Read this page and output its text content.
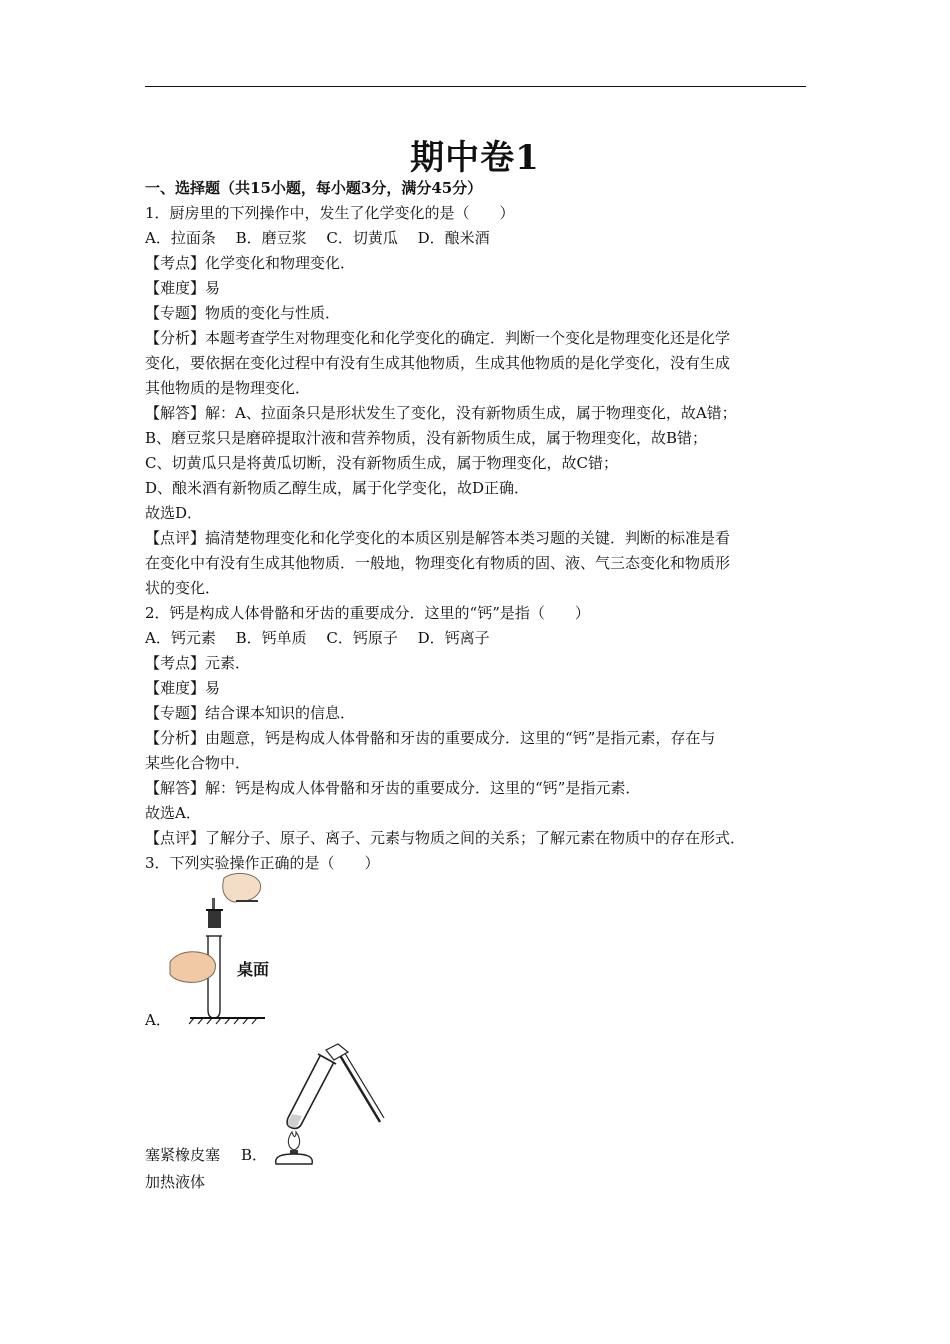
期中卷1
一、选择题（共15小题，每小题3分，满分45分）
1．厨房里的下列操作中，发生了化学变化的是（　　）
A．拉面条　 B．磨豆浆　 C．切黄瓜　 D．酿米酒
【考点】化学变化和物理变化．
【难度】易
【专题】物质的变化与性质．
【分析】本题考查学生对物理变化和化学变化的确定．判断一个变化是物理变化还是化学
变化，要依据在变化过程中有没有生成其他物质，生成其他物质的是化学变化，没有生成
其他物质的是物理变化．
【解答】解：A、拉面条只是形状发生了变化，没有新物质生成，属于物理变化，故A错；
B、磨豆浆只是磨碎提取汁液和营养物质，没有新物质生成，属于物理变化，故B错；
C、切黄瓜只是将黄瓜切断，没有新物质生成，属于物理变化，故C错；
D、酿米酒有新物质乙醇生成，属于化学变化，故D正确．
故选D．
【点评】搞清楚物理变化和化学变化的本质区别是解答本类习题的关键．判断的标准是看
在变化中有没有生成其他物质．一般地，物理变化有物质的固、液、气三态变化和物质形
状的变化．
2．钙是构成人体骨骼和牙齿的重要成分．这里的“钙”是指（　　）
A．钙元素　 B．钙单质　 C．钙原子　 D．钙离子
【考点】元素．
【难度】易
【专题】结合课本知识的信息．
【分析】由题意，钙是构成人体骨骼和牙齿的重要成分．这里的“钙”是指元素，存在与
某些化合物中．
【解答】解：钙是构成人体骨骼和牙齿的重要成分．这里的“钙”是指元素．
故选A．
【点评】了解分子、原子、离子、元素与物质之间的关系；了解元素在物质中的存在形式．
3．下列实验操作正确的是（　　）
桌面
A．
塞紧橡皮塞 B．
加热液体
